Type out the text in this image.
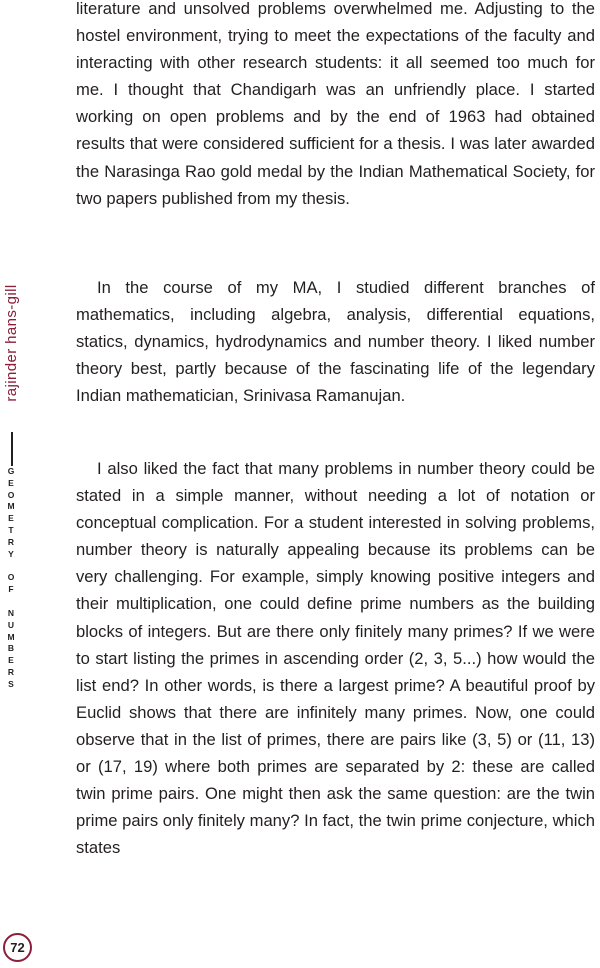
rajinder hans-gill
G
E
O
M
E
T
R
Y
O
F
N
U
M
B
E
R
S

literature and unsolved problems overwhelmed me. Adjusting to the hostel environment, trying to meet the expectations of the faculty and interacting with other research students: it all seemed too much for me. I thought that Chandigarh was an unfriendly place. I started working on open problems and by the end of 1963 had obtained results that were considered sufficient for a thesis. I was later awarded the Narasinga Rao gold medal by the Indian Mathematical Society, for two papers published from my thesis.

In the course of my MA, I studied different branches of mathematics, including algebra, analysis, differential equations, statics, dynamics, hydrodynamics and number theory. I liked number theory best, partly because of the fascinating life of the legendary Indian mathematician, Srinivasa Ramanujan.

I also liked the fact that many problems in number theory could be stated in a simple manner, without needing a lot of notation or conceptual complication. For a student interested in solving problems, number theory is naturally appealing because its problems can be very challenging. For example, simply knowing positive integers and their multiplication, one could define prime numbers as the building blocks of integers. But are there only finitely many primes? If we were to start listing the primes in ascending order (2, 3, 5...) how would the list end? In other words, is there a largest prime? A beautiful proof by Euclid shows that there are infinitely many primes. Now, one could observe that in the list of primes, there are pairs like (3, 5) or (11, 13) or (17, 19) where both primes are separated by 2: these are called twin prime pairs. One might then ask the same question: are the twin prime pairs only finitely many? In fact, the twin prime conjecture, which states

72
